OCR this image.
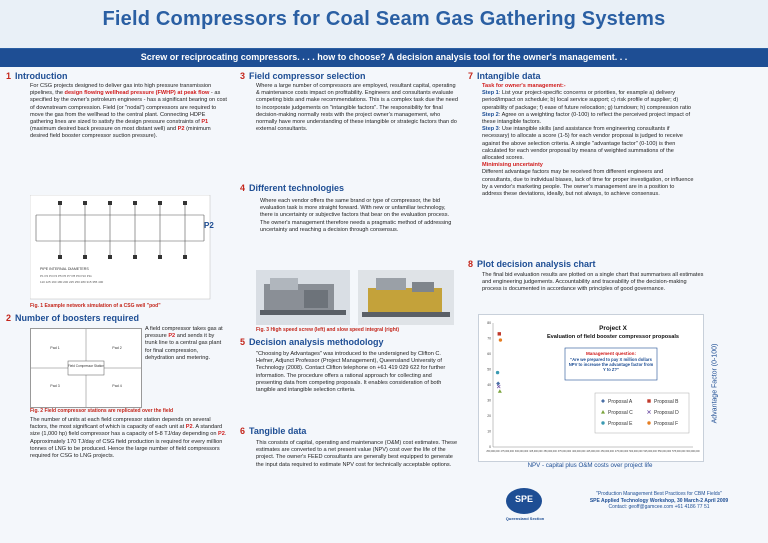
Field Compressors for Coal Seam Gas Gathering Systems
Screw or reciprocating compressors. . . . how to choose? A decision analysis tool for the owner's management. . .
1 Introduction
For CSG projects designed to deliver gas into high pressure transmission pipelines, the design flowing wellhead pressure (FWHP) at peak flow - as specified by the owner's petroleum engineers - has a significant bearing on cost of downstream compression. Field (or "nodal") compressors are required to move the gas from the wellhead to the central plant. Connecting HDPE gathering lines are sized to satisfy the design pressure constraints of P1 (maximum desired back pressure on most distant well) and P2 (minimum desired field booster compressor suction pressure).
PIPE INTERNAL DIAMETERS
P1 P2 P3 P4 P5 P6 P7 P8 P9 P10 P11
110 125 160 180 200 225 250 280 315 355 400
P2
Fig. 1 Example network simulation of a CSG well "pod"
2 Number of boosters required
Field Compressor Station
Pad 1	Pad 2
Pad 3	Pad 4
A field compressor takes gas at pressure P2 and sends it by trunk line to a central gas plant for final compression, dehydration and metering.
Fig. 2 Field compressor stations are replicated over the field
The number of units at each field compressor station depends on several factors, the most significant of which is capacity of each unit at P2. A standard size (1,000 hp) field compressor has a capacity of 5-8 TJ/day depending on P2. Approximately 170 TJ/day of CSG field production is required for every million tonnes of LNG to be produced. Hence the large number of field compressors required for CSG to LNG projects.
3 Field compressor selection
Where a large number of compressors are employed, resultant capital, operating & maintenance costs impact on profitability. Engineers and consultants evaluate competing bids and make recommendations. This is a complex task due the need to incorporate judgements on "intangible factors". The responsibility for final decision-making normally rests with the project owner's management, who normally have more understanding of these intangible or strategic factors than do external consultants.
4 Different technologies
Where each vendor offers the same brand or type of compressor, the bid evaluation task is more straight forward. With new or unfamiliar technology, there is uncertainty or subjective factors that bear on the evaluation process. The owner's management therefore needs a pragmatic method of addressing uncertainty and reaching a decision through consensus.
Fig. 3 High speed screw (left) and slow speed integral (right)
5 Decision analysis methodology
"Choosing by Advantages" was introduced to the undersigned by Clifton C. Hefner, Adjunct Professor (Project Management), Queensland University of Technology (2008). Contact Clifton telephone on +61 419 029 622 for further information. The procedure offers a rational approach for collecting and presenting data from competing proposals. It enables consideration of both tangible and intangible selection criteria.
6 Tangible data
This consists of capital, operating and maintenance (O&M) cost estimates. These estimates are converted to a net present value (NPV) cost over the life of the project. The owner's FEED consultants are generally best equipped to generate the input data required to estimate NPV cost for technically acceptable options.
7 Intangible data
Task for owner's management:-
Step 1: List your project-specific concerns or priorities, for example a) delivery period/impact on schedule; b) local service support; c) risk profile of supplier; d) operability of package; f) ease of future relocation; g) turndown; h) compression ratio
Step 2: Agree on a weighting factor (0-100) to reflect the perceived project impact of these intangible factors.
Step 3: Use intangible skills (and assistance from engineering consultants if necessary) to allocate a score (1-5) for each vendor proposal is judged to receive against the above selection criteria. A single "advantage factor" (0-100) is then calculated for each vendor proposal by means of weighted summations of the allocated scores.
Minimising uncertainty
Different advantage factors may be received from different engineers and consultants, due to individual biases, lack of time for proper investigation, or influence by a vendor's marketing people. The owner's management are in a position to address these deviations, ideally, but not always, to achieve consensus.
8 Plot decision analysis chart
The final bid evaluation results are plotted on a single chart that summarises all estimates and engineering judgements. Accountability and traceability of the decision-making process is documented in accordance with principles of good governance.
Project X
Evaluation of field booster compressor proposals
Management question:
"Are we prepared to pay X million dollars NPV to increase the advantage factor from Y to Z?"
0
10
20
30
40
50
60
70
80
250,000,000 275,000,000 300,000,000 325,000,000 350,000,000 375,000,000 400,000,000 425,000,000 450,000,000 475,000,000 500,000,000 525,000,000 550,000,000 575,000,000 600,000,000
Proposal A	Proposal B
Proposal C	Proposal D
Proposal E	Proposal F
Advantage Factor (0-100)
NPV - capital plus O&M costs over project life
SPE
Queensland Section
"Production Management Best Practices for CBM Fields"
SPE Applied Technology Workshop, 30 March-2 April 2009
Contact: geoff@gamcee.com +61 4186 77 51
